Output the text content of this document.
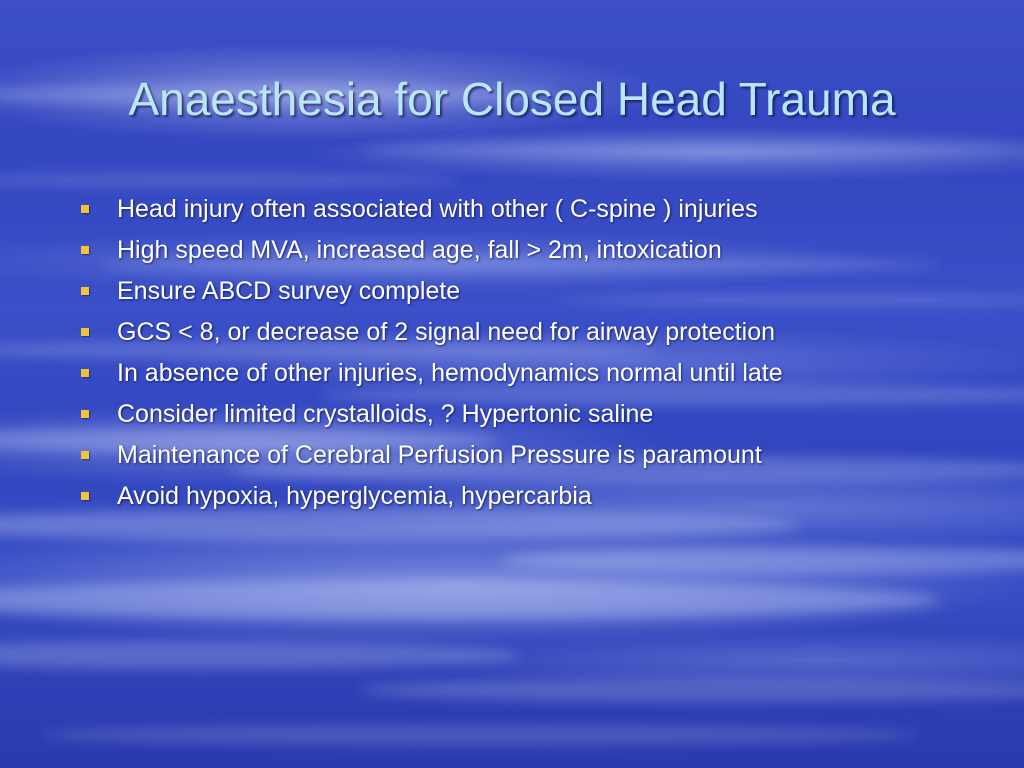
Anaesthesia for Closed Head Trauma
Head injury often associated with other ( C-spine ) injuries
High speed MVA, increased age, fall > 2m, intoxication
Ensure ABCD survey complete
GCS < 8, or decrease of 2 signal need for airway protection
In absence of other injuries, hemodynamics normal until late
Consider limited crystalloids, ? Hypertonic saline
Maintenance of Cerebral Perfusion Pressure is paramount
Avoid hypoxia, hyperglycemia, hypercarbia
